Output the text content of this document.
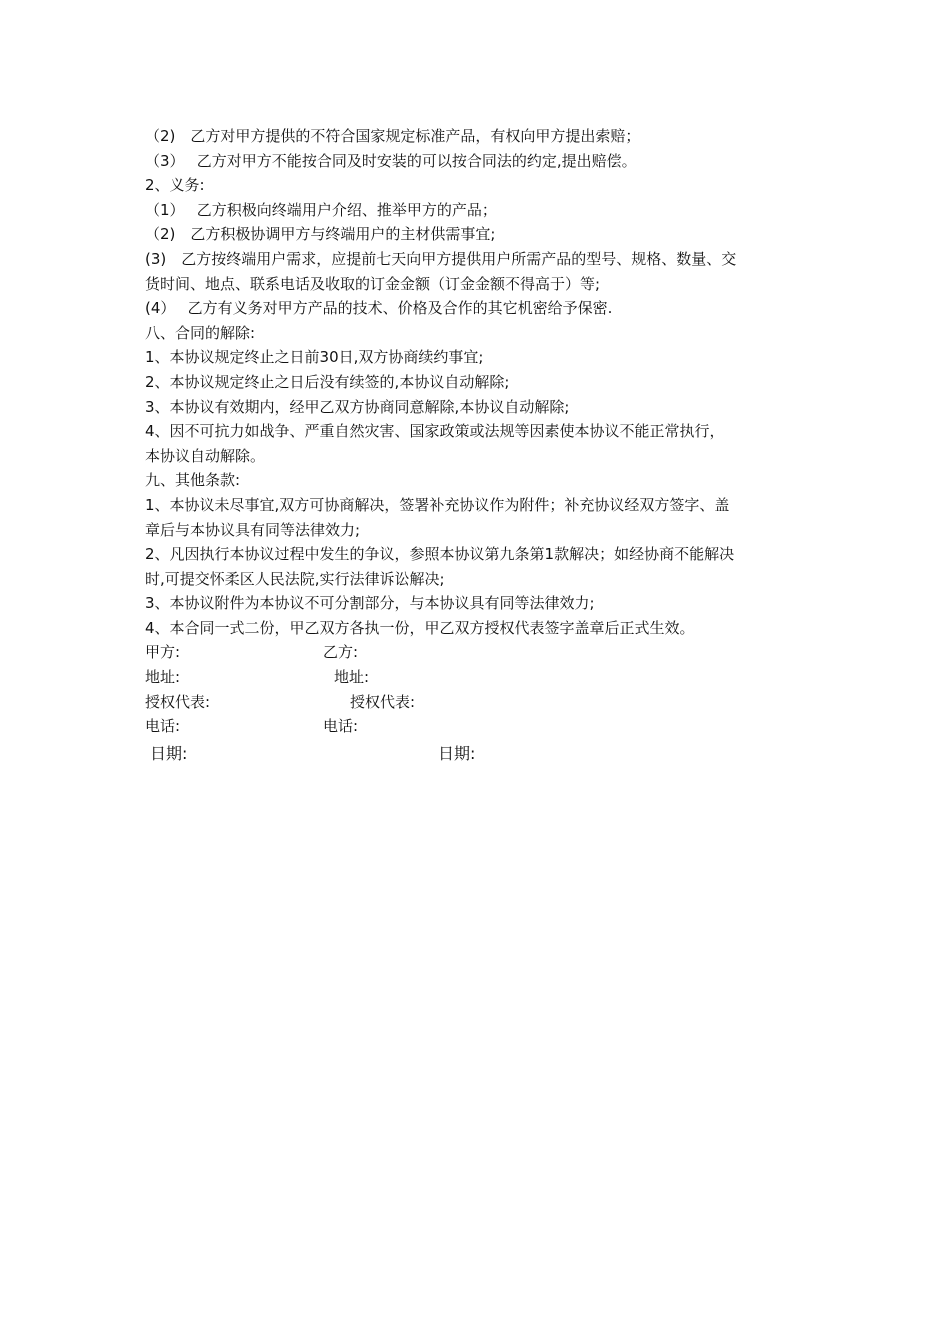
（2)　乙方对甲方提供的不符合国家规定标准产品，有权向甲方提出索赔；
（3）　 乙方对甲方不能按合同及时安装的可以按合同法的约定,提出赔偿。
2、义务:
（1）　 乙方积极向终端用户介绍、推举甲方的产品；
（2)　乙方积极协调甲方与终端用户的主材供需事宜;
(3)　乙方按终端用户需求，应提前七天向甲方提供用户所需产品的型号、规格、数量、交
货时间、地点、联系电话及收取的订金金额（订金金额不得高于）等;
(4）　 乙方有义务对甲方产品的技术、价格及合作的其它机密给予保密.
八、合同的解除:
1、本协议规定终止之日前30日,双方协商续约事宜;
2、本协议规定终止之日后没有续签的,本协议自动解除;
3、本协议有效期内，经甲乙双方协商同意解除,本协议自动解除;
4、因不可抗力如战争、严重自然灾害、国家政策或法规等因素使本协议不能正常执行，
本协议自动解除。
九、其他条款:
1、本协议未尽事宜,双方可协商解决，签署补充协议作为附件；补充协议经双方签字、盖
章后与本协议具有同等法律效力;
2、凡因执行本协议过程中发生的争议，参照本协议第九条第1款解决；如经协商不能解决
时,可提交怀柔区人民法院,实行法律诉讼解决;
3、本协议附件为本协议不可分割部分，与本协议具有同等法律效力;
4、本合同一式二份，甲乙双方各执一份，甲乙双方授权代表签字盖章后正式生效。
甲方:	乙方:
地址:	地址:
授权代表:	授权代表:
电话:	电话:
日期:	日期:
